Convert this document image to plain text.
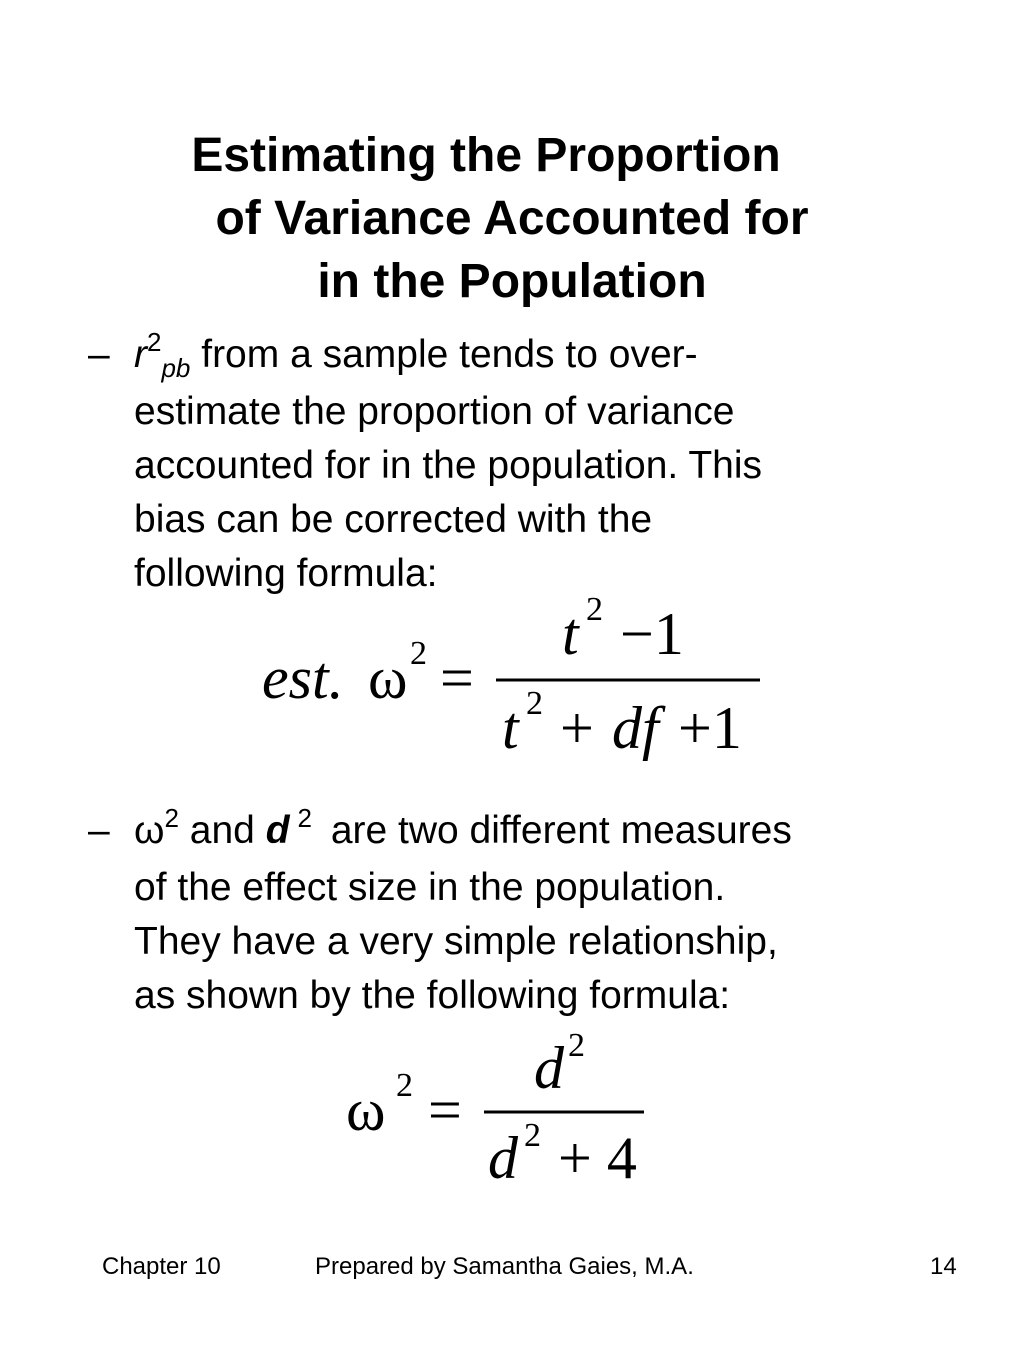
Estimating the Proportion
of Variance Accounted for
in the Population
– $r^2_{pb}$ from a sample tends to over-
estimate the proportion of variance
accounted for in the population. This
bias can be corrected with the
following formula:
est. ω 2 =
t 2 −1
t 2 + df +1
– $\omega^2$ and d $^2$ are two different measures
of the effect size in the population.
They have a very simple relationship,
as shown by the following formula:
ω 2 =
d 2
d 2 + 4
Chapter 10	Prepared by Samantha Gaies, M.A.	14
